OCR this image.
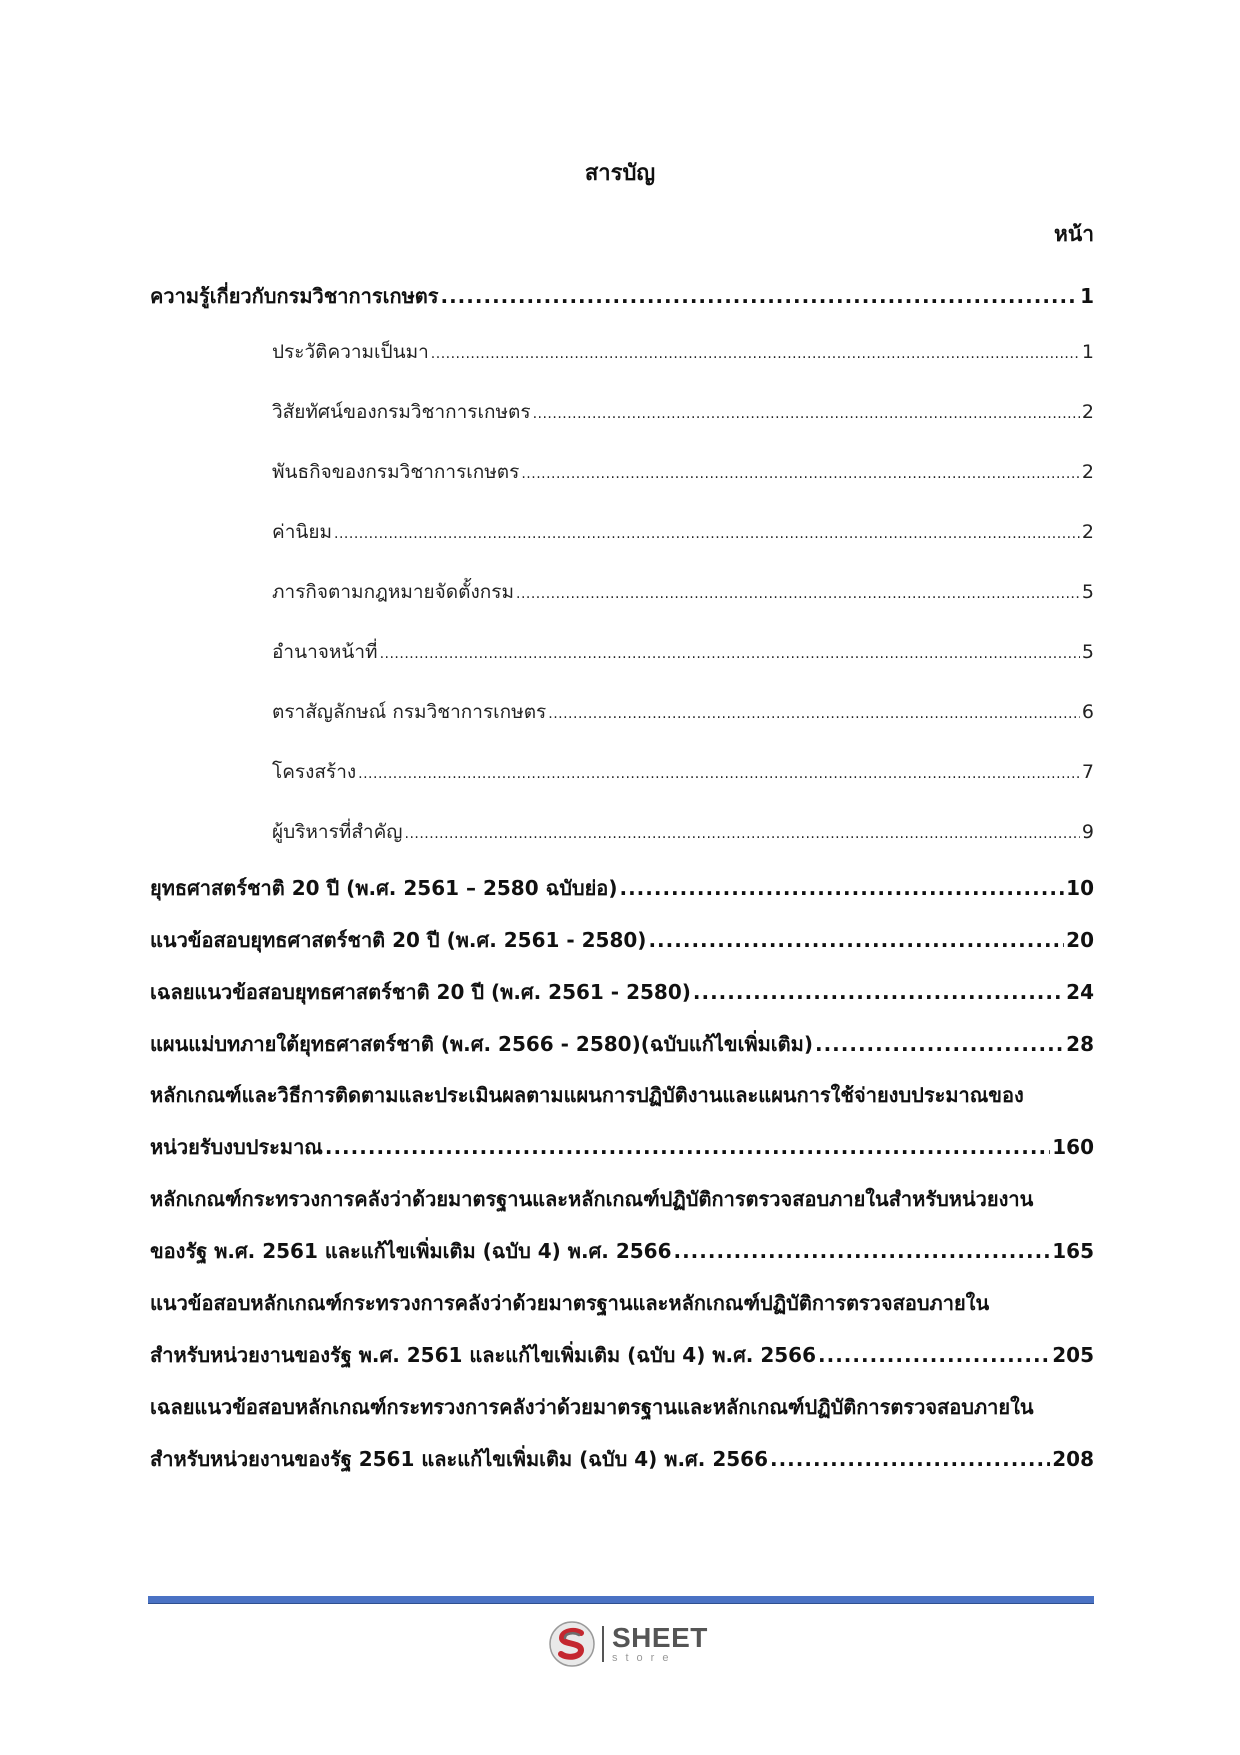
สารบัญ
หน้า
ความรู้เกี่ยวกับกรมวิชาการเกษตร .....	1
ประวัติความเป็นมา .....	1
วิสัยทัศน์ของกรมวิชาการเกษตร .....	2
พันธกิจของกรมวิชาการเกษตร .....	2
ค่านิยม .....	2
ภารกิจตามกฎหมายจัดตั้งกรม .....	5
อำนาจหน้าที่ .....	5
ตราสัญลักษณ์ กรมวิชาการเกษตร .....	6
โครงสร้าง .....	7
ผู้บริหารที่สำคัญ .....	9
ยุทธศาสตร์ชาติ 20 ปี (พ.ศ. 2561 – 2580 ฉบับย่อ) .....	10
แนวข้อสอบยุทธศาสตร์ชาติ 20 ปี (พ.ศ. 2561 - 2580) .....	20
เฉลยแนวข้อสอบยุทธศาสตร์ชาติ 20 ปี (พ.ศ. 2561 - 2580) .....	24
แผนแม่บทภายใต้ยุทธศาสตร์ชาติ (พ.ศ. 2566 - 2580)(ฉบับแก้ไขเพิ่มเติม) .....	28
หลักเกณฑ์และวิธีการติดตามและประเมินผลตามแผนการปฏิบัติงานและแผนการใช้จ่ายงบประมาณของ
หน่วยรับงบประมาณ .....	160
หลักเกณฑ์กระทรวงการคลังว่าด้วยมาตรฐานและหลักเกณฑ์ปฏิบัติการตรวจสอบภายในสำหรับหน่วยงาน
ของรัฐ พ.ศ. 2561 และแก้ไขเพิ่มเติม (ฉบับ 4) พ.ศ. 2566 .....	165
แนวข้อสอบหลักเกณฑ์กระทรวงการคลังว่าด้วยมาตรฐานและหลักเกณฑ์ปฏิบัติการตรวจสอบภายใน
สำหรับหน่วยงานของรัฐ พ.ศ. 2561 และแก้ไขเพิ่มเติม (ฉบับ 4) พ.ศ. 2566 .....	205
เฉลยแนวข้อสอบหลักเกณฑ์กระทรวงการคลังว่าด้วยมาตรฐานและหลักเกณฑ์ปฏิบัติการตรวจสอบภายใน
สำหรับหน่วยงานของรัฐ 2561 และแก้ไขเพิ่มเติม (ฉบับ 4) พ.ศ. 2566 .....	208
SHEET
store
